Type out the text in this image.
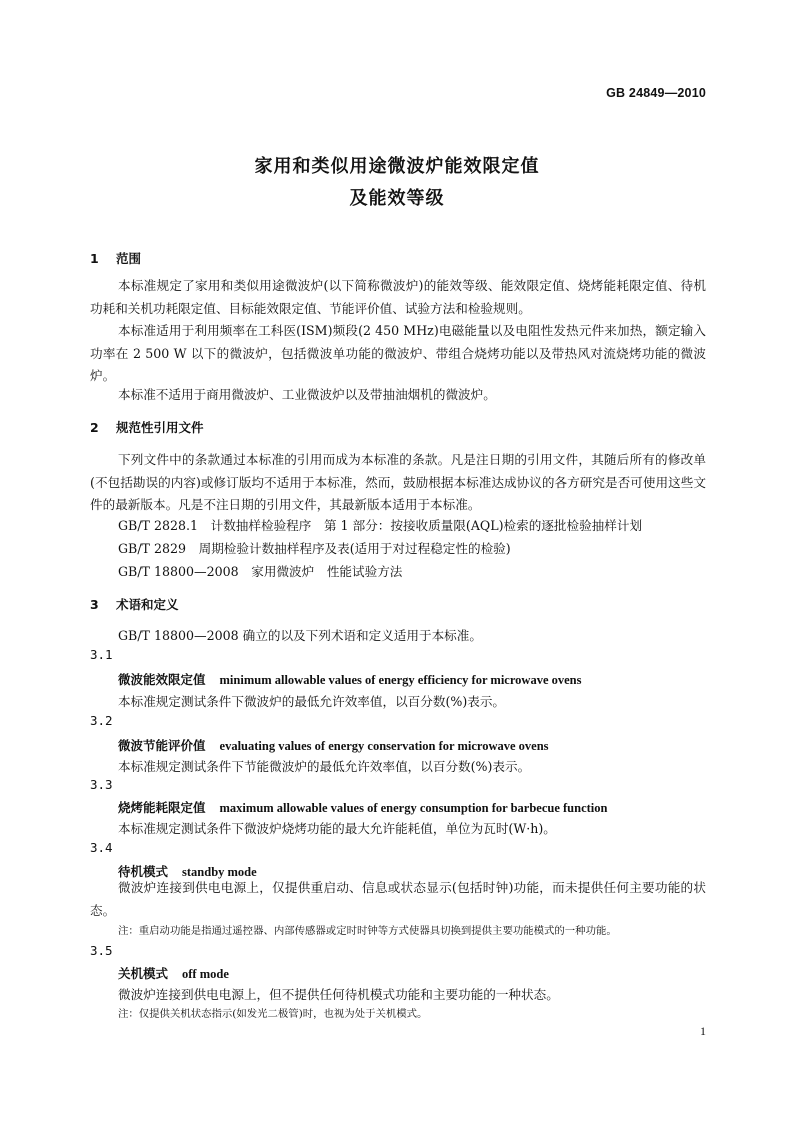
GB 24849—2010
家用和类似用途微波炉能效限定值
及能效等级
1 范围
本标准规定了家用和类似用途微波炉(以下简称微波炉)的能效等级、能效限定值、烧烤能耗限定值、待机功耗和关机功耗限定值、目标能效限定值、节能评价值、试验方法和检验规则。
本标准适用于利用频率在工科医(ISM)频段(2 450 MHz)电磁能量以及电阻性发热元件来加热，额定输入功率在 2 500 W 以下的微波炉，包括微波单功能的微波炉、带组合烧烤功能以及带热风对流烧烤功能的微波炉。
本标准不适用于商用微波炉、工业微波炉以及带抽油烟机的微波炉。
2 规范性引用文件
下列文件中的条款通过本标准的引用而成为本标准的条款。凡是注日期的引用文件，其随后所有的修改单(不包括勘误的内容)或修订版均不适用于本标准，然而，鼓励根据本标准达成协议的各方研究是否可使用这些文件的最新版本。凡是不注日期的引用文件，其最新版本适用于本标准。
GB/T 2828.1　计数抽样检验程序　第 1 部分：按接收质量限(AQL)检索的逐批检验抽样计划
GB/T 2829　周期检验计数抽样程序及表(适用于对过程稳定性的检验)
GB/T 18800—2008　家用微波炉　性能试验方法
3 术语和定义
GB/T 18800—2008 确立的以及下列术语和定义适用于本标准。
3.1
微波能效限定值 minimum allowable values of energy efficiency for microwave ovens
本标准规定测试条件下微波炉的最低允许效率值，以百分数(%)表示。
3.2
微波节能评价值 evaluating values of energy conservation for microwave ovens
本标准规定测试条件下节能微波炉的最低允许效率值，以百分数(%)表示。
3.3
烧烤能耗限定值 maximum allowable values of energy consumption for barbecue function
本标准规定测试条件下微波炉烧烤功能的最大允许能耗值，单位为瓦时(W·h)。
3.4
待机模式 standby mode
微波炉连接到供电电源上，仅提供重启动、信息或状态显示(包括时钟)功能，而未提供任何主要功能的状态。
注：重启动功能是指通过遥控器、内部传感器或定时时钟等方式使器具切换到提供主要功能模式的一种功能。
3.5
关机模式 off mode
微波炉连接到供电电源上，但不提供任何待机模式功能和主要功能的一种状态。
注：仅提供关机状态指示(如发光二极管)时，也视为处于关机模式。
1
